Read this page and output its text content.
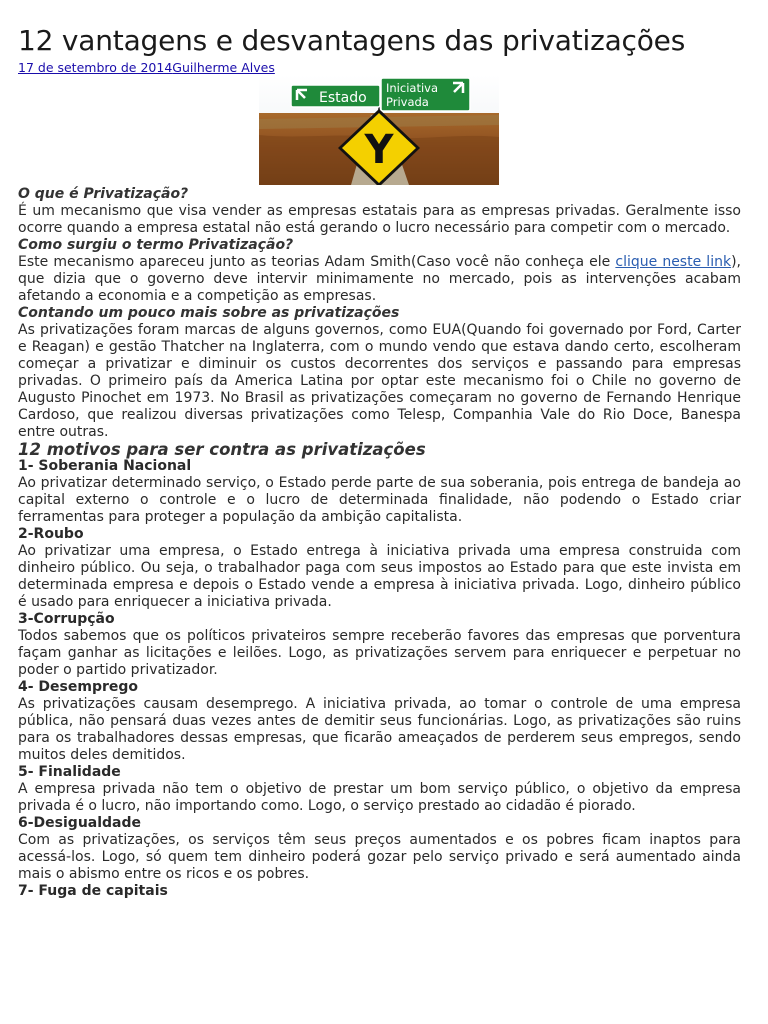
12 vantagens e desvantagens das privatizações
17 de setembro de 2014Guilherme Alves
Estado
Iniciativa
Privada
Y

O que é Privatização?

É um mecanismo que visa vender as empresas estatais para as empresas privadas. Geralmente isso ocorre quando a empresa estatal não está gerando o lucro necessário para competir com o mercado.

Como surgiu o termo Privatização?

Este mecanismo apareceu junto as teorias Adam Smith(Caso você não conheça ele clique neste link), que dizia que o governo deve intervir minimamente no mercado, pois as intervenções acabam afetando a economia e a competição as empresas.

Contando um pouco mais sobre as privatizações

As privatizações foram marcas de alguns governos, como EUA(Quando foi governado por Ford, Carter e Reagan) e gestão Thatcher na Inglaterra, com o mundo vendo que estava dando certo, escolheram começar a privatizar e diminuir os custos decorrentes dos serviços e passando para empresas privadas. O primeiro país da America Latina por optar este mecanismo foi o Chile no governo de Augusto Pinochet em 1973. No Brasil as privatizações começaram no governo de Fernando Henrique Cardoso, que realizou diversas privatizações como Telesp, Companhia Vale do Rio Doce, Banespa entre outras.

12 motivos para ser contra as privatizações

1- Soberania Nacional

Ao privatizar determinado serviço, o Estado perde parte de sua soberania, pois entrega de bandeja ao capital externo o controle e o lucro de determinada finalidade, não podendo o Estado criar ferramentas para proteger a população da ambição capitalista.

2-Roubo

Ao privatizar uma empresa, o Estado entrega à iniciativa privada uma empresa construida com dinheiro público. Ou seja, o trabalhador paga com seus impostos ao Estado para que este invista em determinada empresa e depois o Estado vende a empresa à iniciativa privada. Logo, dinheiro público é usado para enriquecer a iniciativa privada.

3-Corrupção

Todos sabemos que os políticos privateiros sempre receberão favores das empresas que porventura façam ganhar as licitações e leilões. Logo, as privatizações servem para enriquecer e perpetuar no poder o partido privatizador.

4- Desemprego

As privatizações causam desemprego. A iniciativa privada, ao tomar o controle de uma empresa pública, não pensará duas vezes antes de demitir seus funcionárias. Logo, as privatizações são ruins para os trabalhadores dessas empresas, que ficarão ameaçados de perderem seus empregos, sendo muitos deles demitidos.

5- Finalidade

A empresa privada não tem o objetivo de prestar um bom serviço público, o objetivo da empresa privada é o lucro, não importando como. Logo, o serviço prestado ao cidadão é piorado.

6-Desigualdade

Com as privatizações, os serviços têm seus preços aumentados e os pobres ficam inaptos para acessá-los. Logo, só quem tem dinheiro poderá gozar pelo serviço privado e será aumentado ainda mais o abismo entre os ricos e os pobres.

7- Fuga de capitais
